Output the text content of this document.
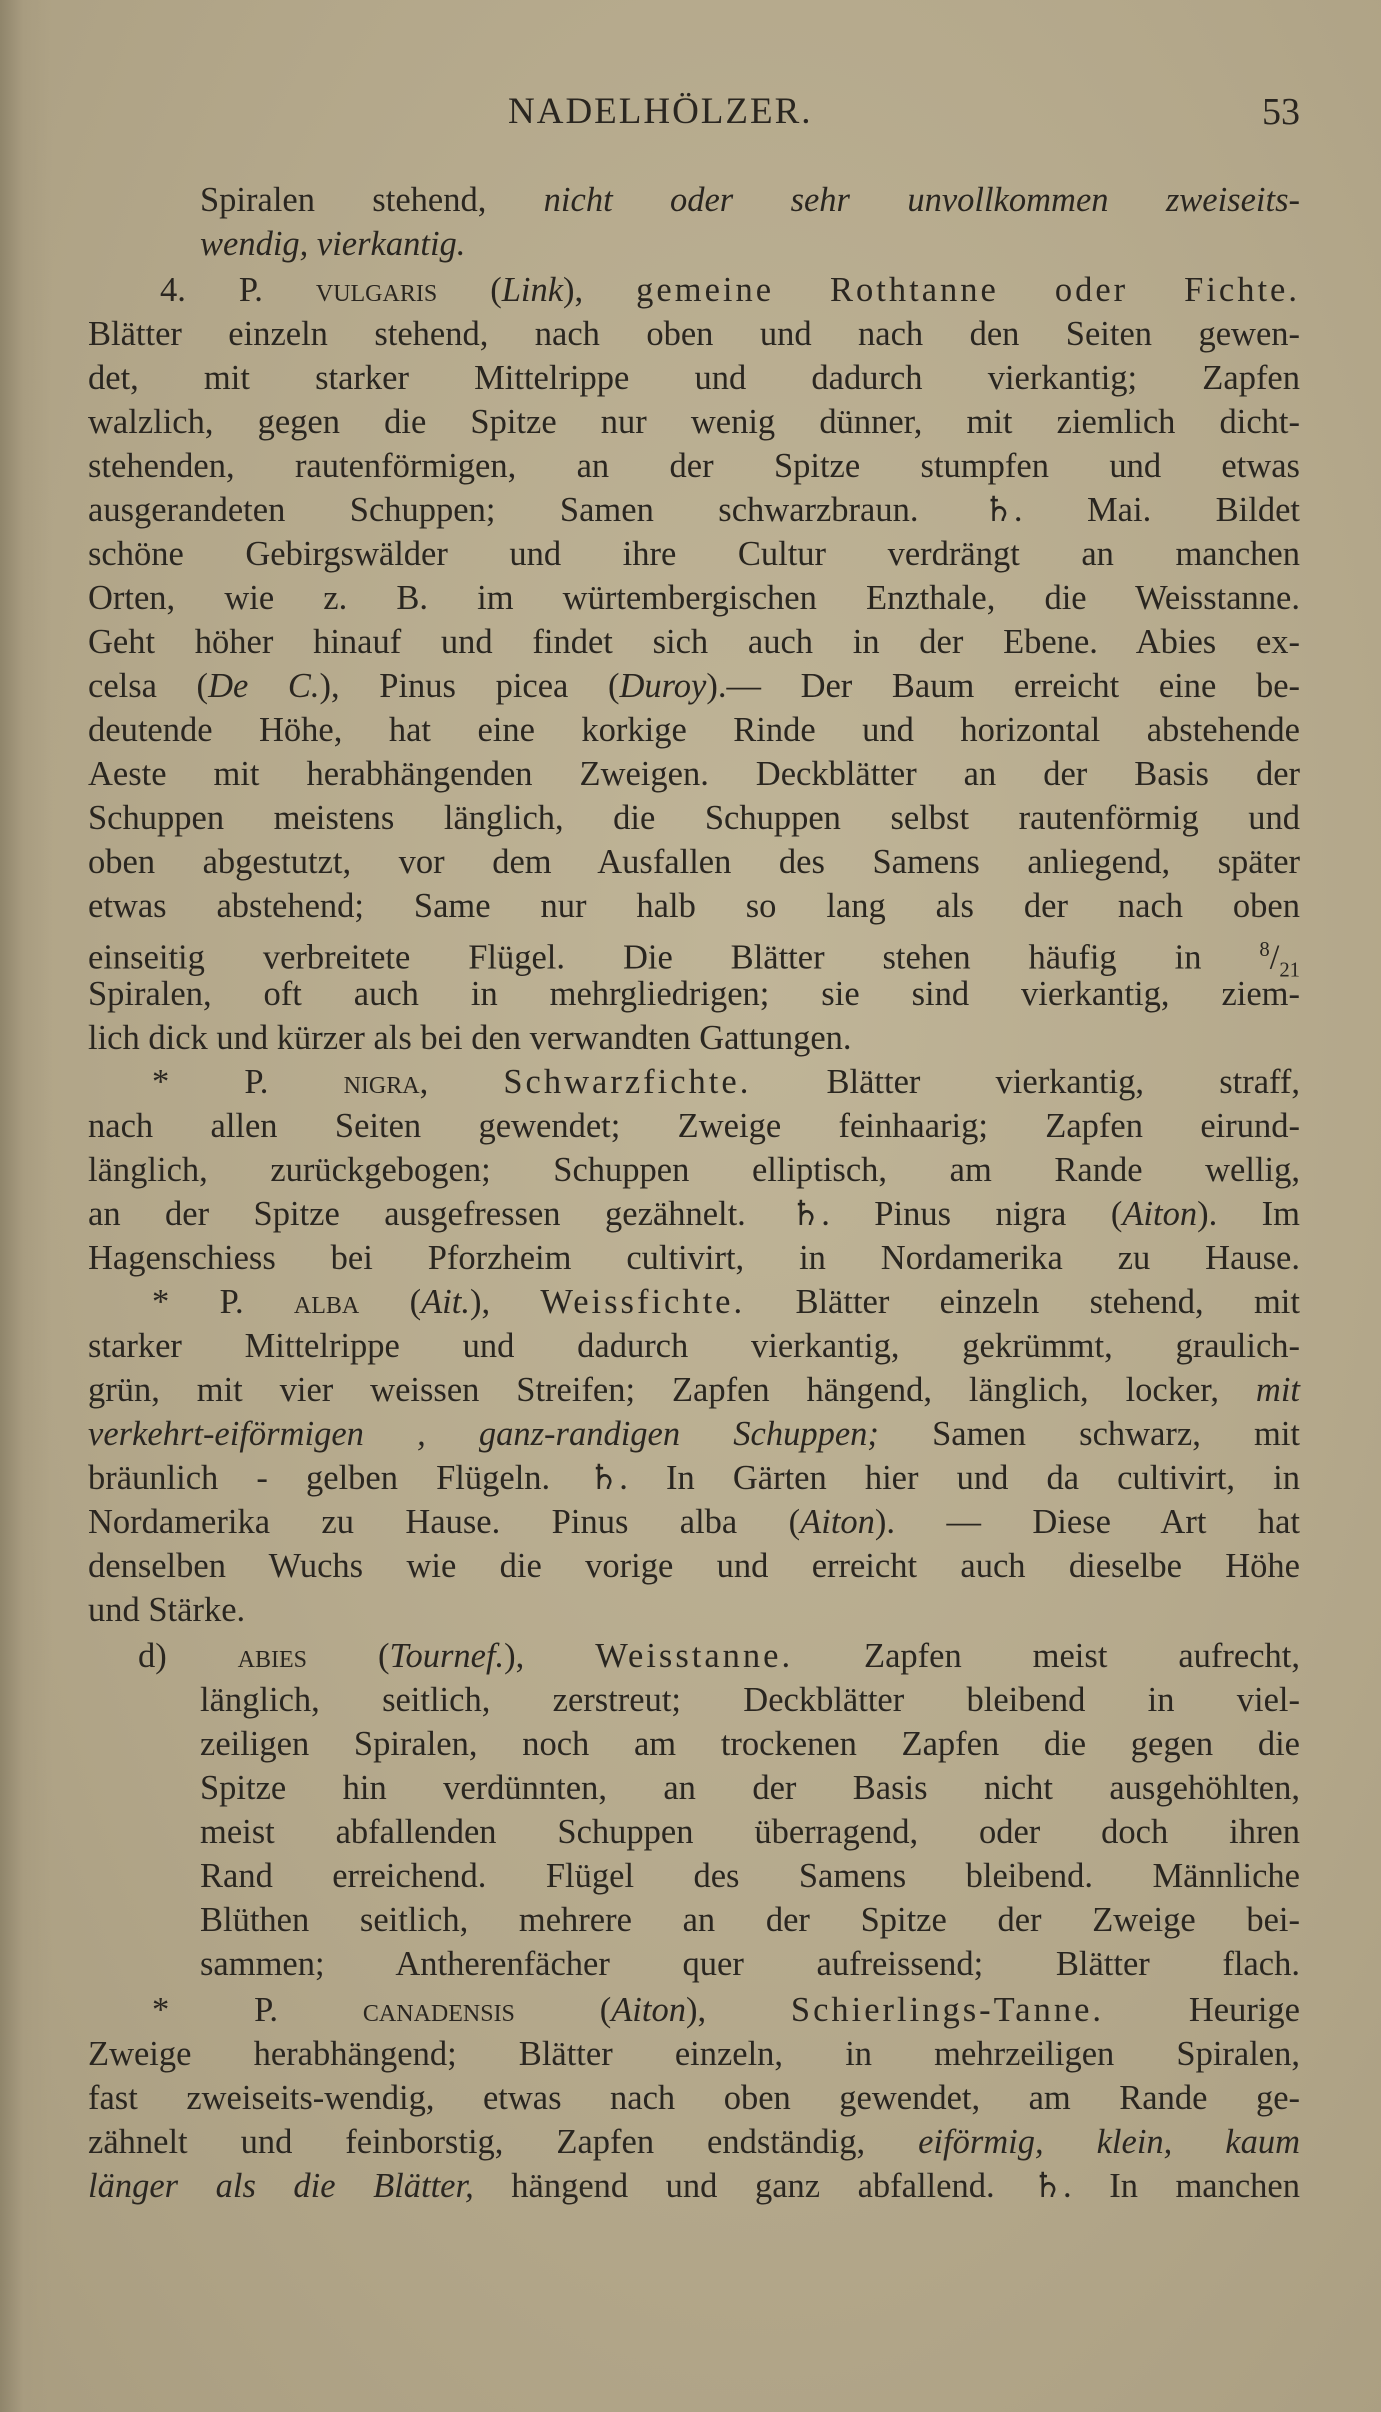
NADELHÖLZER.	53
Spiralen stehend, nicht oder sehr unvollkommen zweiseits-
wendig, vierkantig.
4. P. vulgaris (Link), gemeine Rothtanne oder Fichte.
Blätter einzeln stehend, nach oben und nach den Seiten gewen-
det, mit starker Mittelrippe und dadurch vierkantig; Zapfen
walzlich, gegen die Spitze nur wenig dünner, mit ziemlich dicht-
stehenden, rautenförmigen, an der Spitze stumpfen und etwas
ausgerandeten Schuppen; Samen schwarzbraun. ♄. Mai. Bildet
schöne Gebirgswälder und ihre Cultur verdrängt an manchen
Orten, wie z. B. im würtembergischen Enzthale, die Weisstanne.
Geht höher hinauf und findet sich auch in der Ebene. Abies ex-
celsa (De C.), Pinus picea (Duroy).— Der Baum erreicht eine be-
deutende Höhe, hat eine korkige Rinde und horizontal abstehende
Aeste mit herabhängenden Zweigen. Deckblätter an der Basis der
Schuppen meistens länglich, die Schuppen selbst rautenförmig und
oben abgestutzt, vor dem Ausfallen des Samens anliegend, später
etwas abstehend; Same nur halb so lang als der nach oben
einseitig verbreitete Flügel. Die Blätter stehen häufig in $^8/_{21}$
Spiralen, oft auch in mehrgliedrigen; sie sind vierkantig, ziem-
lich dick und kürzer als bei den verwandten Gattungen.
* P. nigra, Schwarzfichte. Blätter vierkantig, straff,
nach allen Seiten gewendet; Zweige feinhaarig; Zapfen eirund-
länglich, zurückgebogen; Schuppen elliptisch, am Rande wellig,
an der Spitze ausgefressen gezähnelt. ♄. Pinus nigra (Aiton). Im
Hagenschiess bei Pforzheim cultivirt, in Nordamerika zu Hause.
* P. alba (Ait.), Weissfichte. Blätter einzeln stehend, mit
starker Mittelrippe und dadurch vierkantig, gekrümmt, graulich-
grün, mit vier weissen Streifen; Zapfen hängend, länglich, locker, mit
verkehrt-eiförmigen , ganz-randigen Schuppen; Samen schwarz, mit
bräunlich - gelben Flügeln. ♄. In Gärten hier und da cultivirt, in
Nordamerika zu Hause. Pinus alba (Aiton). — Diese Art hat
denselben Wuchs wie die vorige und erreicht auch dieselbe Höhe
und Stärke.
d) abies (Tournef.), Weisstanne. Zapfen meist aufrecht,
länglich, seitlich, zerstreut; Deckblätter bleibend in viel-
zeiligen Spiralen, noch am trockenen Zapfen die gegen die
Spitze hin verdünnten, an der Basis nicht ausgehöhlten,
meist abfallenden Schuppen überragend, oder doch ihren
Rand erreichend. Flügel des Samens bleibend. Männliche
Blüthen seitlich, mehrere an der Spitze der Zweige bei-
sammen; Antherenfächer quer aufreissend; Blätter flach.
* P. canadensis (Aiton), Schierlings-Tanne. Heurige
Zweige herabhängend; Blätter einzeln, in mehrzeiligen Spiralen,
fast zweiseits-wendig, etwas nach oben gewendet, am Rande ge-
zähnelt und feinborstig, Zapfen endständig, eiförmig, klein, kaum
länger als die Blätter, hängend und ganz abfallend. ♄. In manchen
